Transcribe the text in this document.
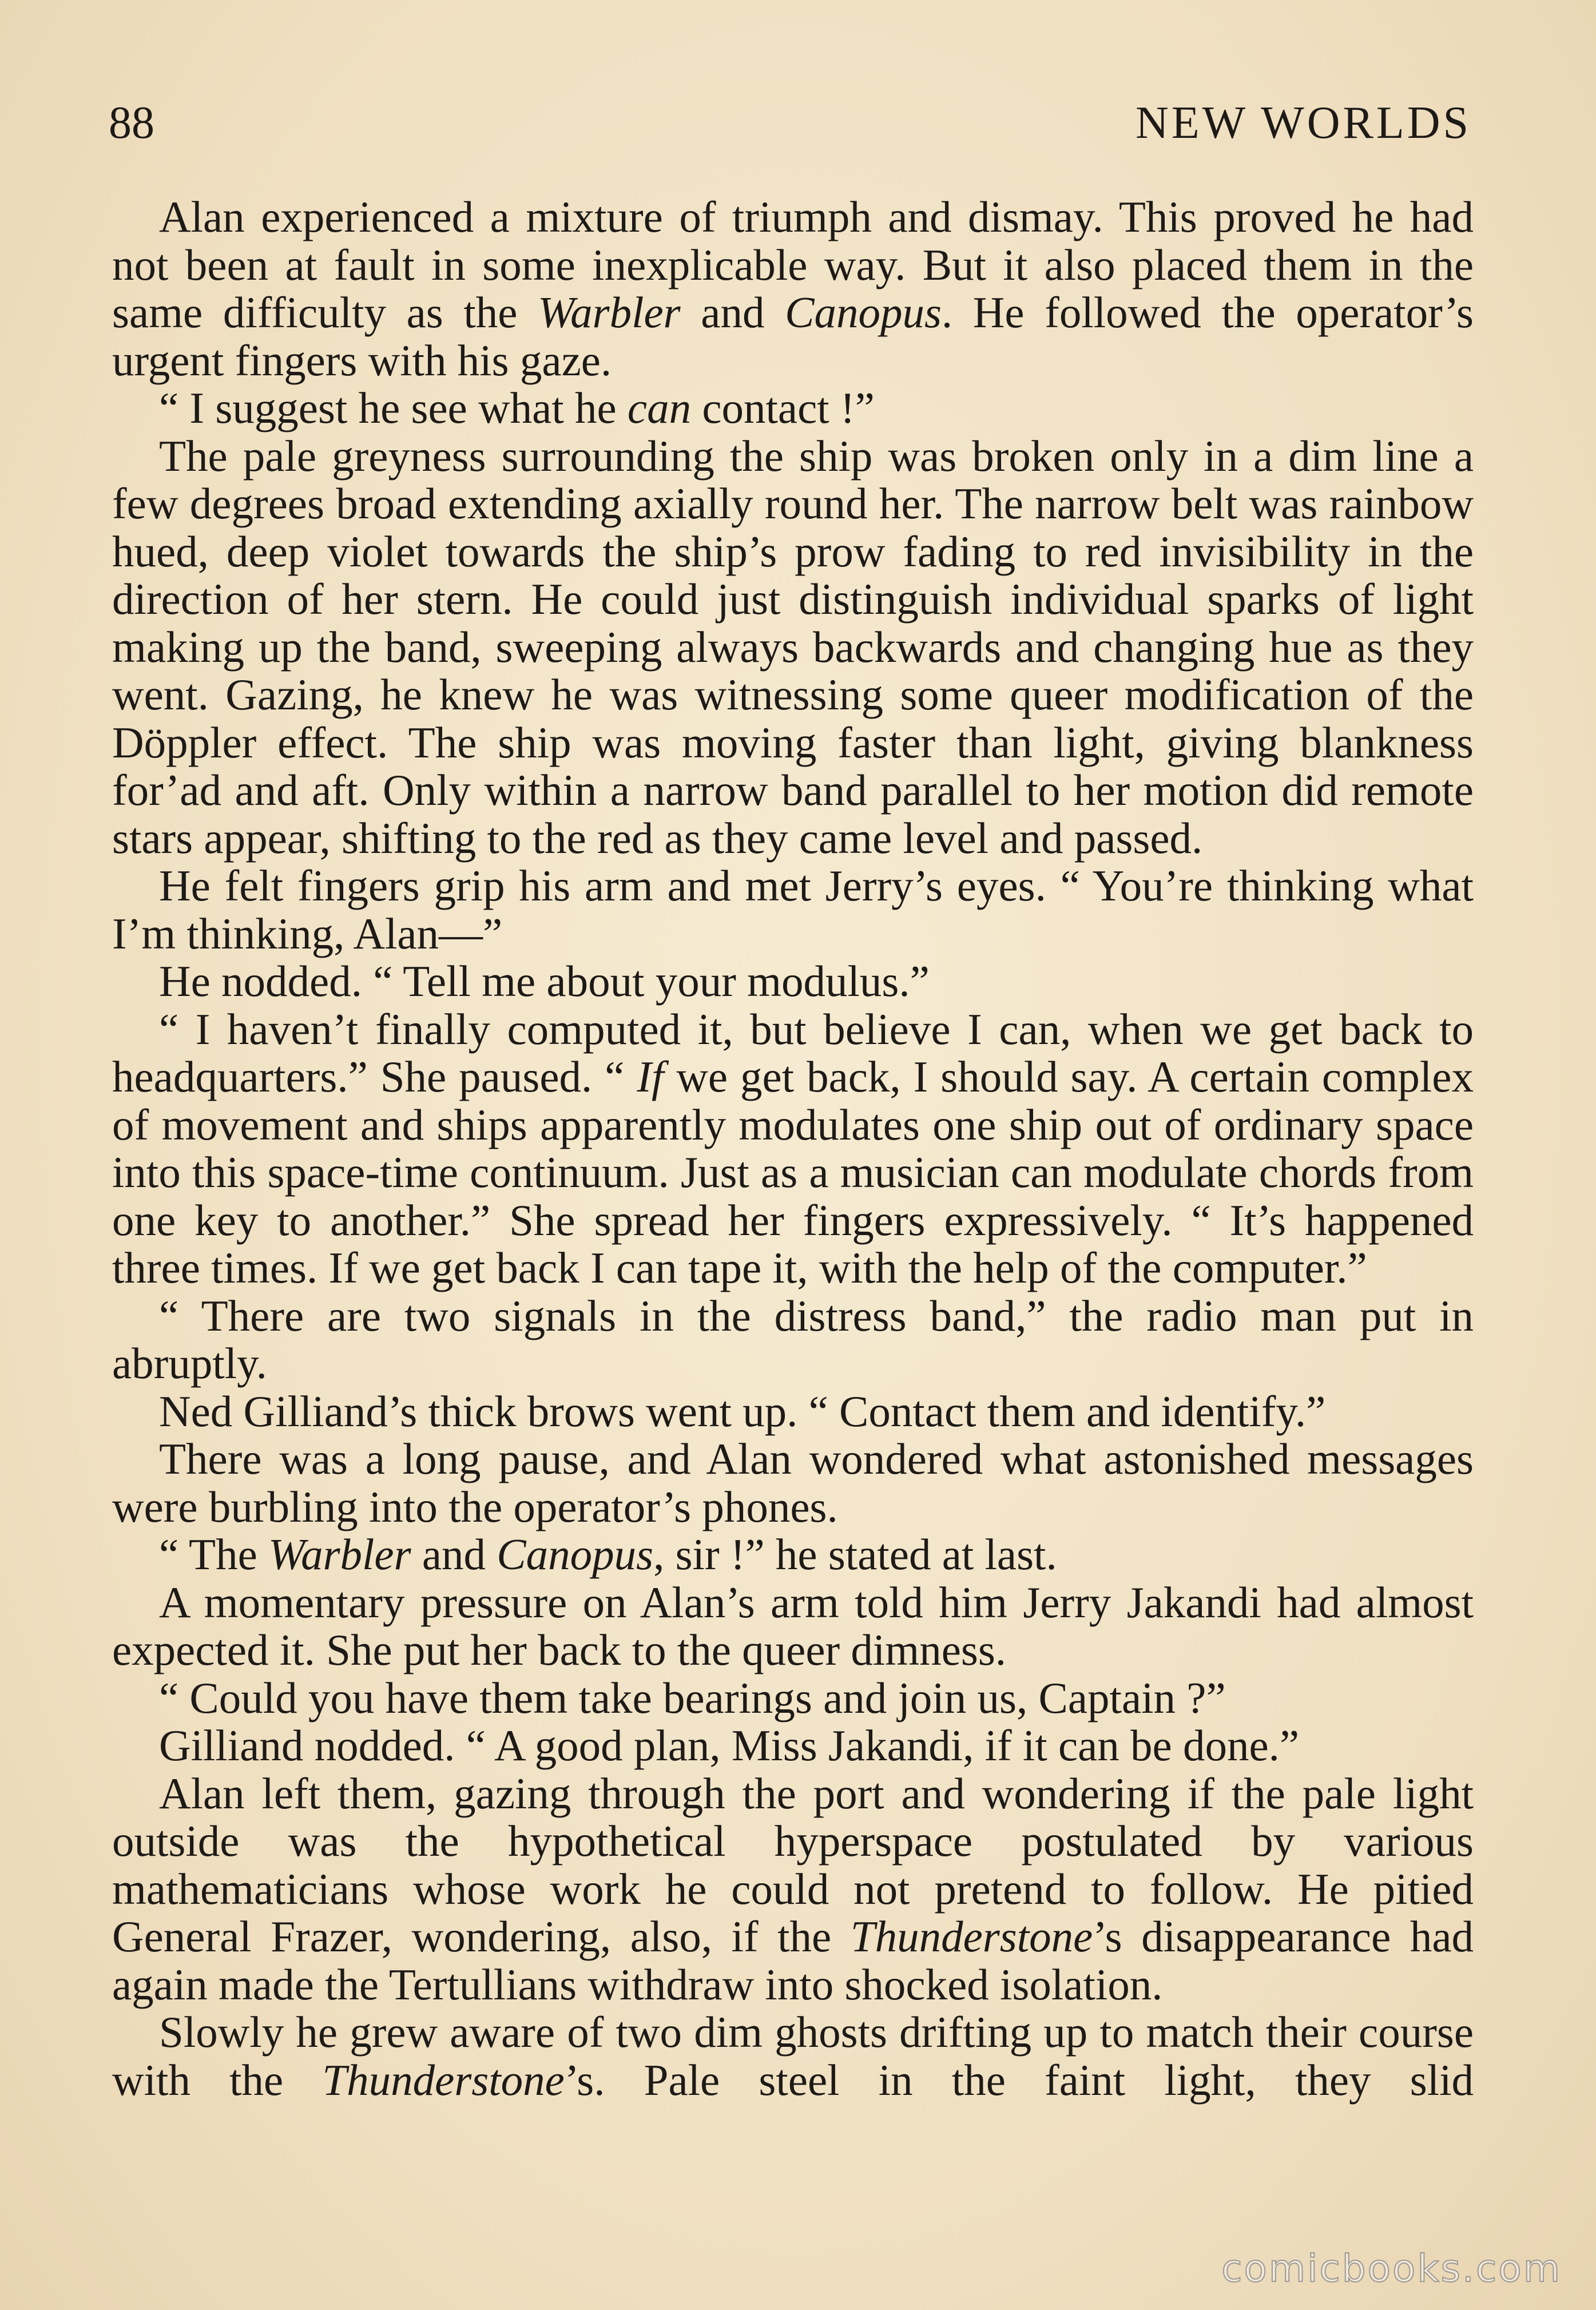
88	NEW WORLDS

Alan experienced a mixture of triumph and dismay. This proved he had not been at fault in some inexplicable way. But it also placed them in the same difficulty as the Warbler and Canopus. He followed the operator’s urgent fingers with his gaze.

“ I suggest he see what he can contact !”

The pale greyness surrounding the ship was broken only in a dim line a few degrees broad extending axially round her. The narrow belt was rainbow hued, deep violet towards the ship’s prow fading to red invisibility in the direction of her stern. He could just distinguish individual sparks of light making up the band, sweeping always backwards and changing hue as they went. Gazing, he knew he was witnessing some queer modification of the Döppler effect. The ship was moving faster than light, giving blankness for’ad and aft. Only within a narrow band parallel to her motion did remote stars appear, shifting to the red as they came level and passed.

He felt fingers grip his arm and met Jerry’s eyes. “ You’re thinking what I’m thinking, Alan—”

He nodded. “ Tell me about your modulus.”

“ I haven’t finally computed it, but believe I can, when we get back to headquarters.” She paused. “ If we get back, I should say. A certain complex of movement and ships apparently modulates one ship out of ordinary space into this space-time continuum. Just as a musician can modulate chords from one key to another.” She spread her fingers expressively. “ It’s happened three times. If we get back I can tape it, with the help of the computer.”

“ There are two signals in the distress band,” the radio man put in abruptly.

Ned Gilliand’s thick brows went up. “ Contact them and identify.”

There was a long pause, and Alan wondered what astonished messages were burbling into the operator’s phones.

“ The Warbler and Canopus, sir !” he stated at last.

A momentary pressure on Alan’s arm told him Jerry Jakandi had almost expected it. She put her back to the queer dimness.

“ Could you have them take bearings and join us, Captain ?”

Gilliand nodded. “ A good plan, Miss Jakandi, if it can be done.”

Alan left them, gazing through the port and wondering if the pale light outside was the hypothetical hyperspace postulated by various mathematicians whose work he could not pretend to follow. He pitied General Frazer, wondering, also, if the Thunderstone’s disappearance had again made the Tertullians withdraw into shocked isolation.

Slowly he grew aware of two dim ghosts drifting up to match their course with the Thunderstone’s. Pale steel in the faint light, they slid

comicbooks.com
